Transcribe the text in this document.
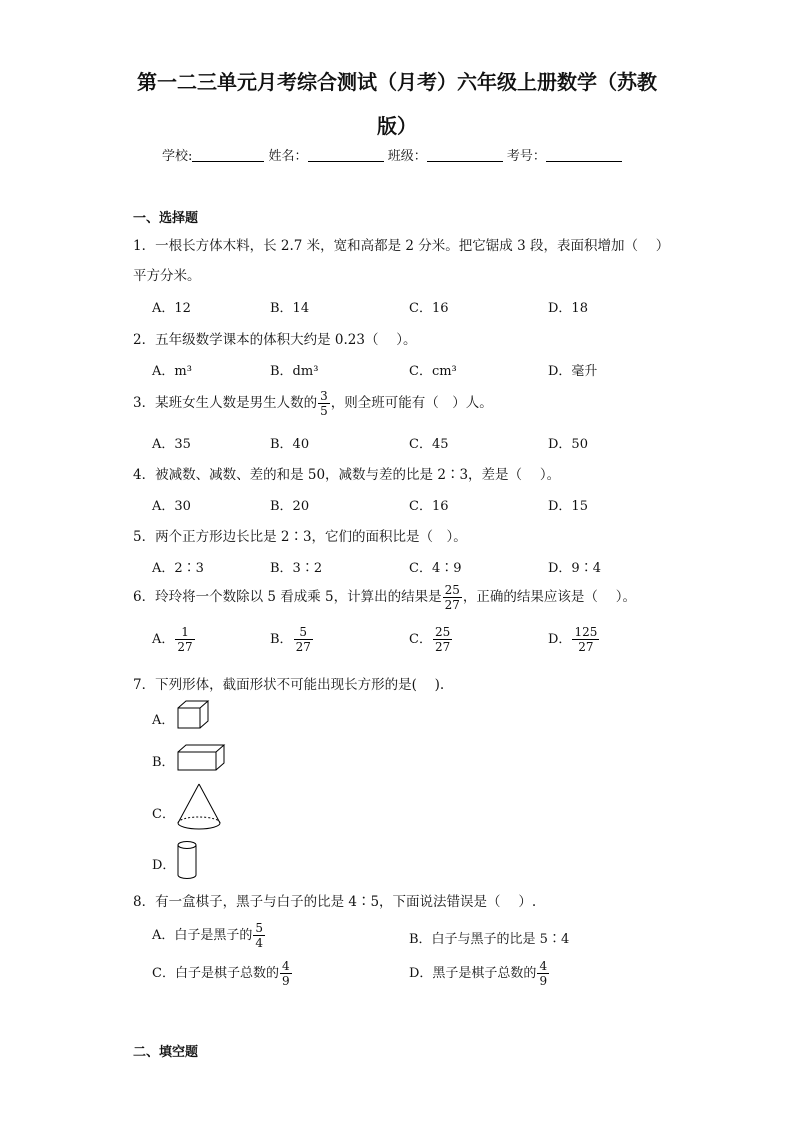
第一二三单元月考综合测试（月考）六年级上册数学（苏教
版）
学校:	姓名：	班级：	考号：
一、选择题
1．一根长方体木料，长 2.7 米，宽和高都是 2 分米。把它锯成 3 段，表面积增加（　 ）
平方分米。
A．12	B．14	C．16	D．18
2．五年级数学课本的体积大约是 0.23（　 ）。
A．m³	B．dm³	C．cm³	D．毫升
3．某班女生人数是男生人数的 $\frac{3}{5}$ ，则全班可能有（　）人。
A．35	B．40	C．45	D．50
4．被减数、减数、差的和是 50，减数与差的比是 2∶3，差是（　 ）。
A．30	B．20	C．16	D．15
5．两个正方形边长比是 2∶3，它们的面积比是（　）。
A．2∶3	B．3∶2	C．4∶9	D．9∶4
6．玲玲将一个数除以 5 看成乘 5，计算出的结果是 $\frac{25}{27}$ ，正确的结果应该是（　 ）。
A． $\frac{1}{27}$	B． $\frac{5}{27}$	C． $\frac{25}{27}$	D． $\frac{125}{27}$
7．下列形体，截面形状不可能出现长方形的是(　 ).
A．
B．
C．
D．
8．有一盒棋子，黑子与白子的比是 4∶5，下面说法错误是（　 ）.
A．白子是黑子的 $\frac{5}{4}$	B．白子与黑子的比是 5∶4
C．白子是棋子总数的 $\frac{4}{9}$	D．黑子是棋子总数的 $\frac{4}{9}$
二、填空题
